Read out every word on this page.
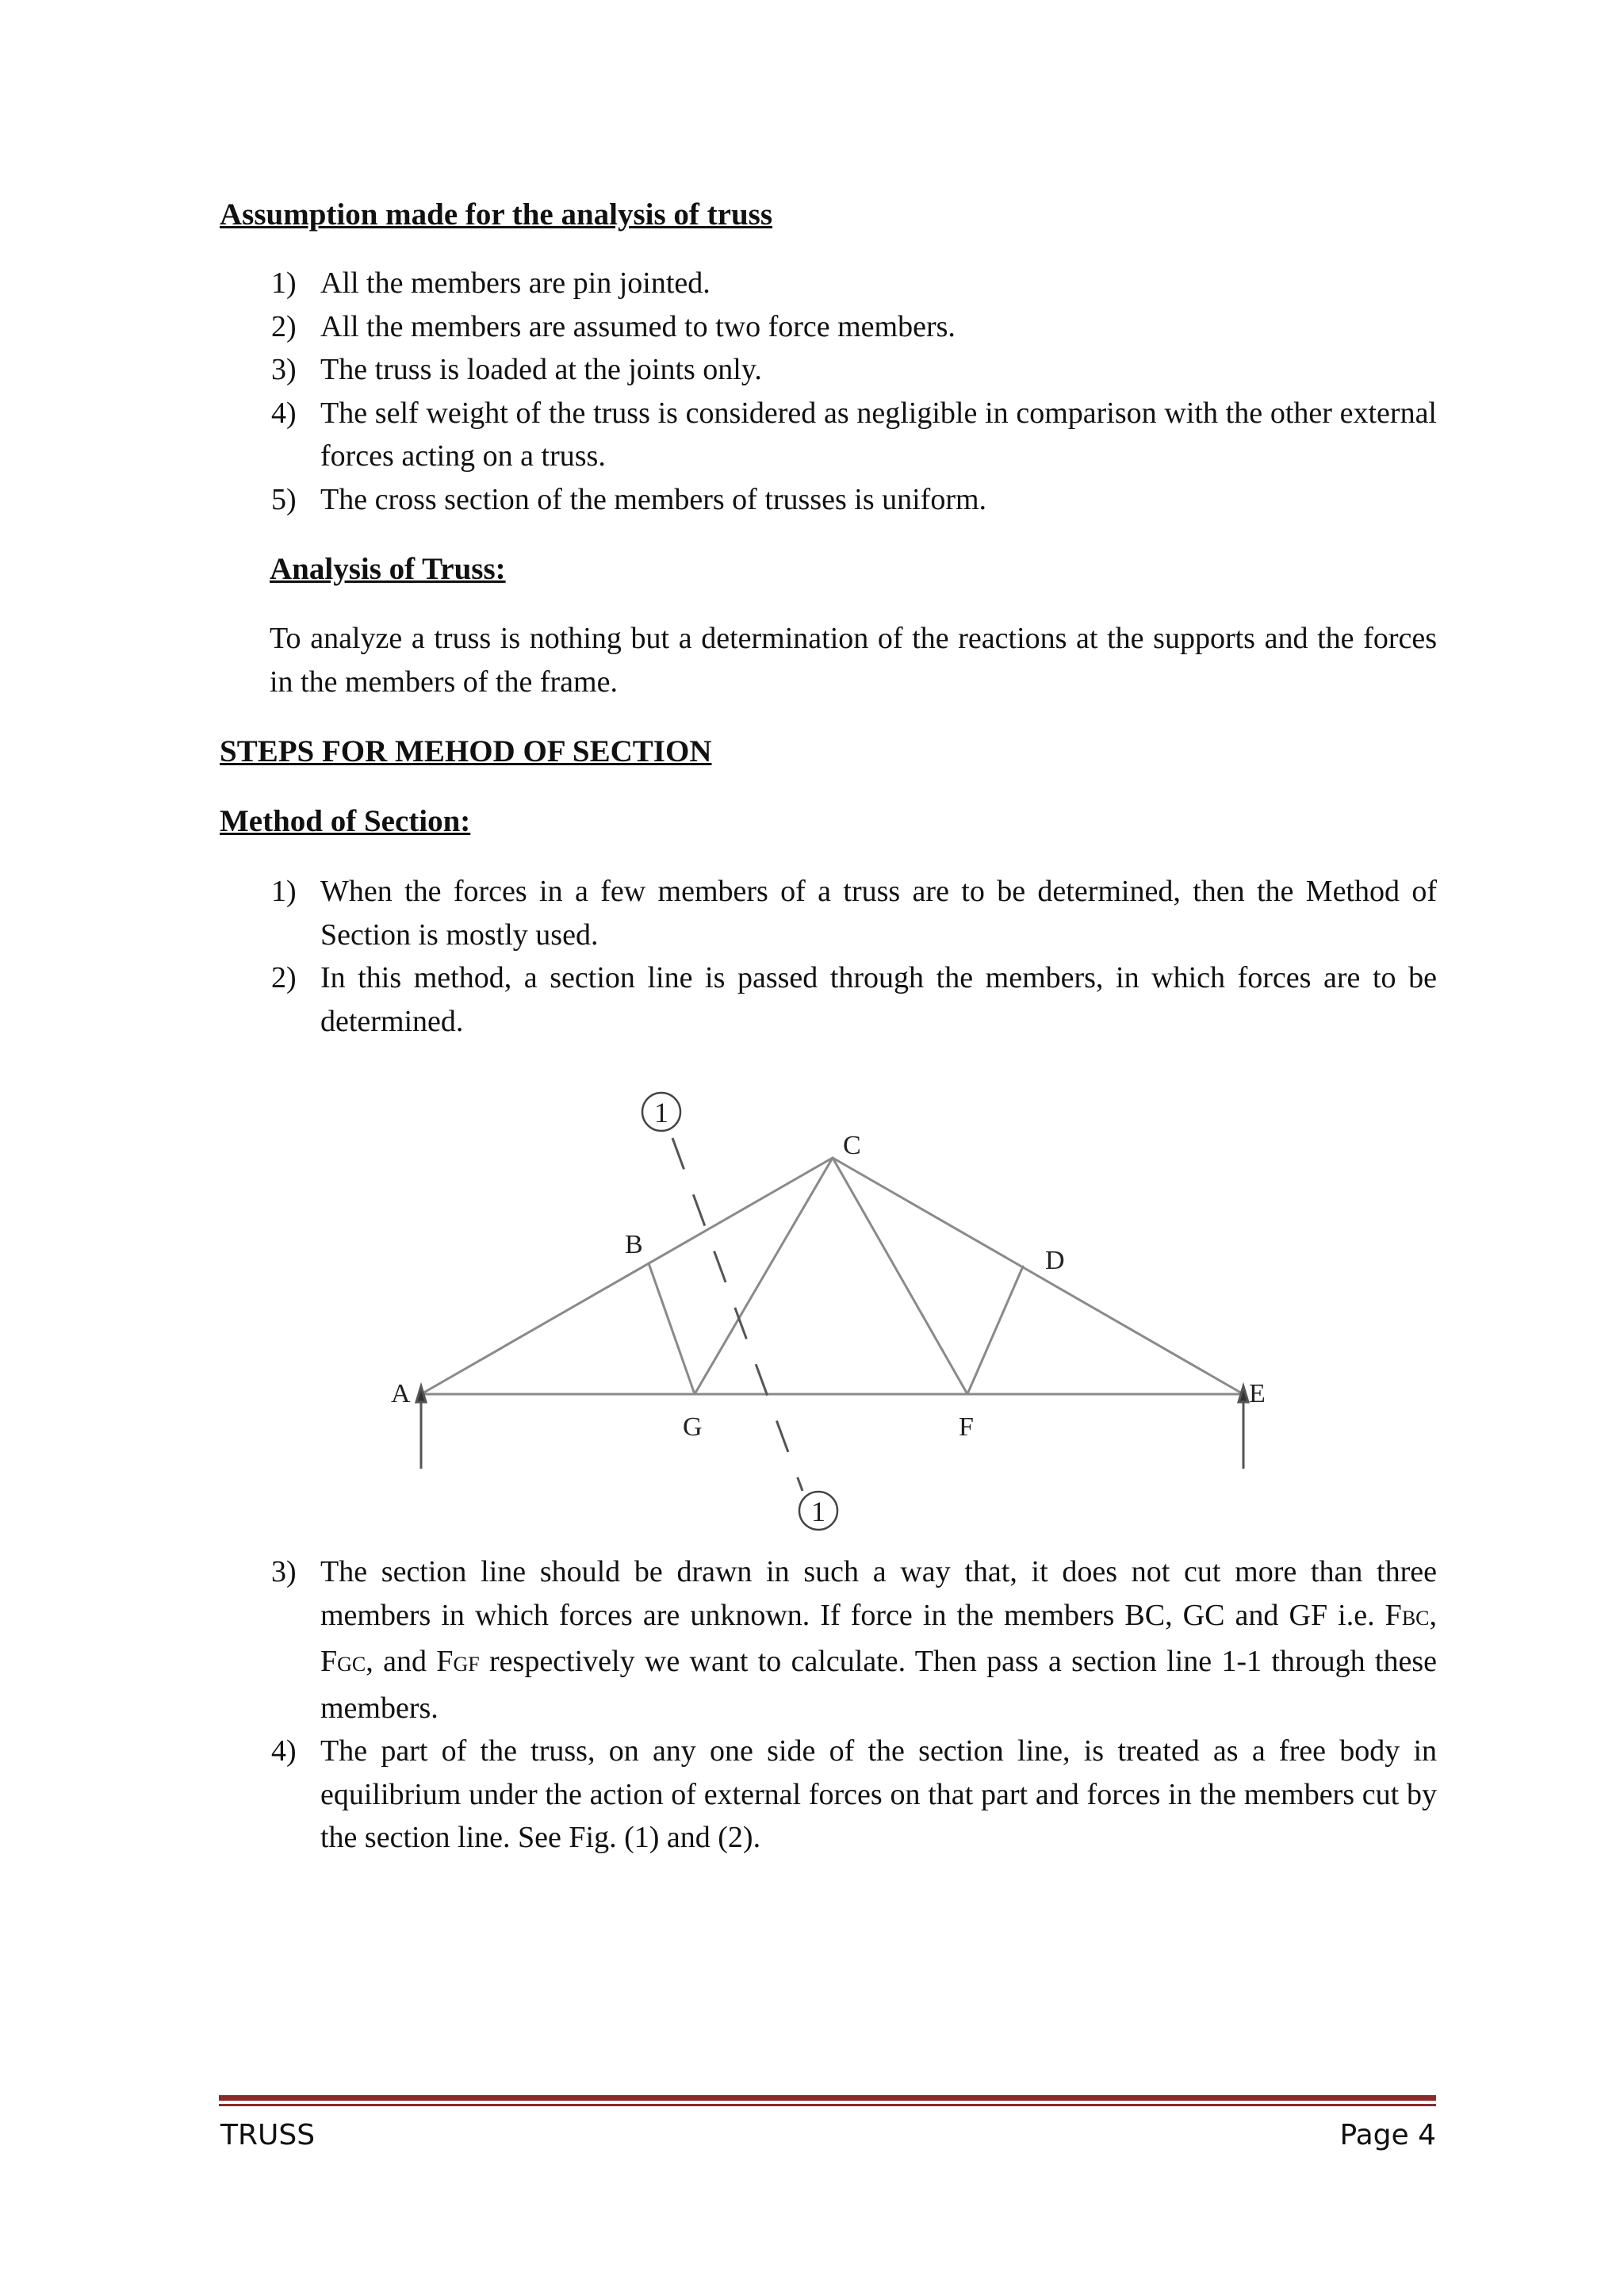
Assumption made for the analysis of truss
1) All the members are pin jointed.
2) All the members are assumed to two force members.
3) The truss is loaded at the joints only.
4) The self weight of the truss is considered as negligible in comparison with the other external forces acting on a truss.
5) The cross section of the members of trusses is uniform.
Analysis of Truss:

To analyze a truss is nothing but a determination of the reactions at the supports and the forces in the members of the frame.

STEPS FOR MEHOD OF SECTION
Method of Section:
1) When the forces in a few members of a truss are to be determined, then the Method of Section is mostly used.
2) In this method, a section line is passed through the members, in which forces are to be determined.
1
1
A
B
C
D
E
F
G
3) The section line should be drawn in such a way that, it does not cut more than three members in which forces are unknown. If force in the members BC, GC and GF i.e. FBC, FGC, and FGF respectively we want to calculate. Then pass a section line 1-1 through these members.
4) The part of the truss, on any one side of the section line, is treated as a free body in equilibrium under the action of external forces on that part and forces in the members cut by the section line. See Fig. (1) and (2).
TRUSS	Page 4
